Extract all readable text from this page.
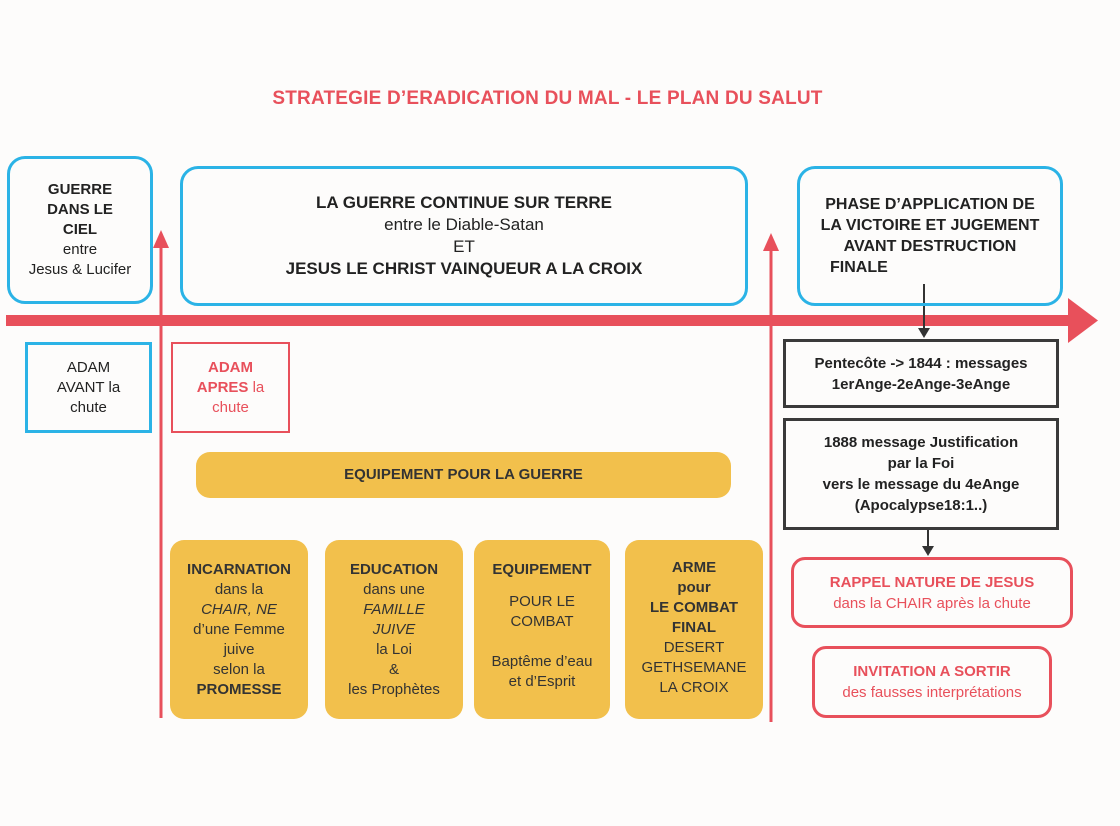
STRATEGIE D’ERADICATION DU MAL - LE PLAN DU SALUT
GUERRE
DANS LE
CIEL
entre
Jesus & Lucifer
LA GUERRE CONTINUE SUR TERRE
entre le Diable-Satan
ET
JESUS LE CHRIST VAINQUEUR A LA CROIX
PHASE D’APPLICATION DE
LA VICTOIRE ET JUGEMENT
AVANT DESTRUCTION
FINALE
ADAM
AVANT la
chute
ADAM
APRES la
chute
EQUIPEMENT POUR LA GUERRE
INCARNATION
dans la
CHAIR, NE
d’une Femme
juive
selon la
PROMESSE
EDUCATION
dans une
FAMILLE
JUIVE
la Loi
&
les Prophètes
EQUIPEMENT
POUR LE
COMBAT
Baptême d’eau
et d’Esprit
ARME
pour
LE COMBAT
FINAL
DESERT
GETHSEMANE
LA CROIX
Pentecôte -> 1844 : messages
1erAnge-2eAnge-3eAnge
1888 message Justification
par la Foi
vers le message du 4eAnge
(Apocalypse18:1..)
RAPPEL NATURE DE JESUS
dans la CHAIR après la chute
INVITATION A SORTIR
des fausses interprétations
